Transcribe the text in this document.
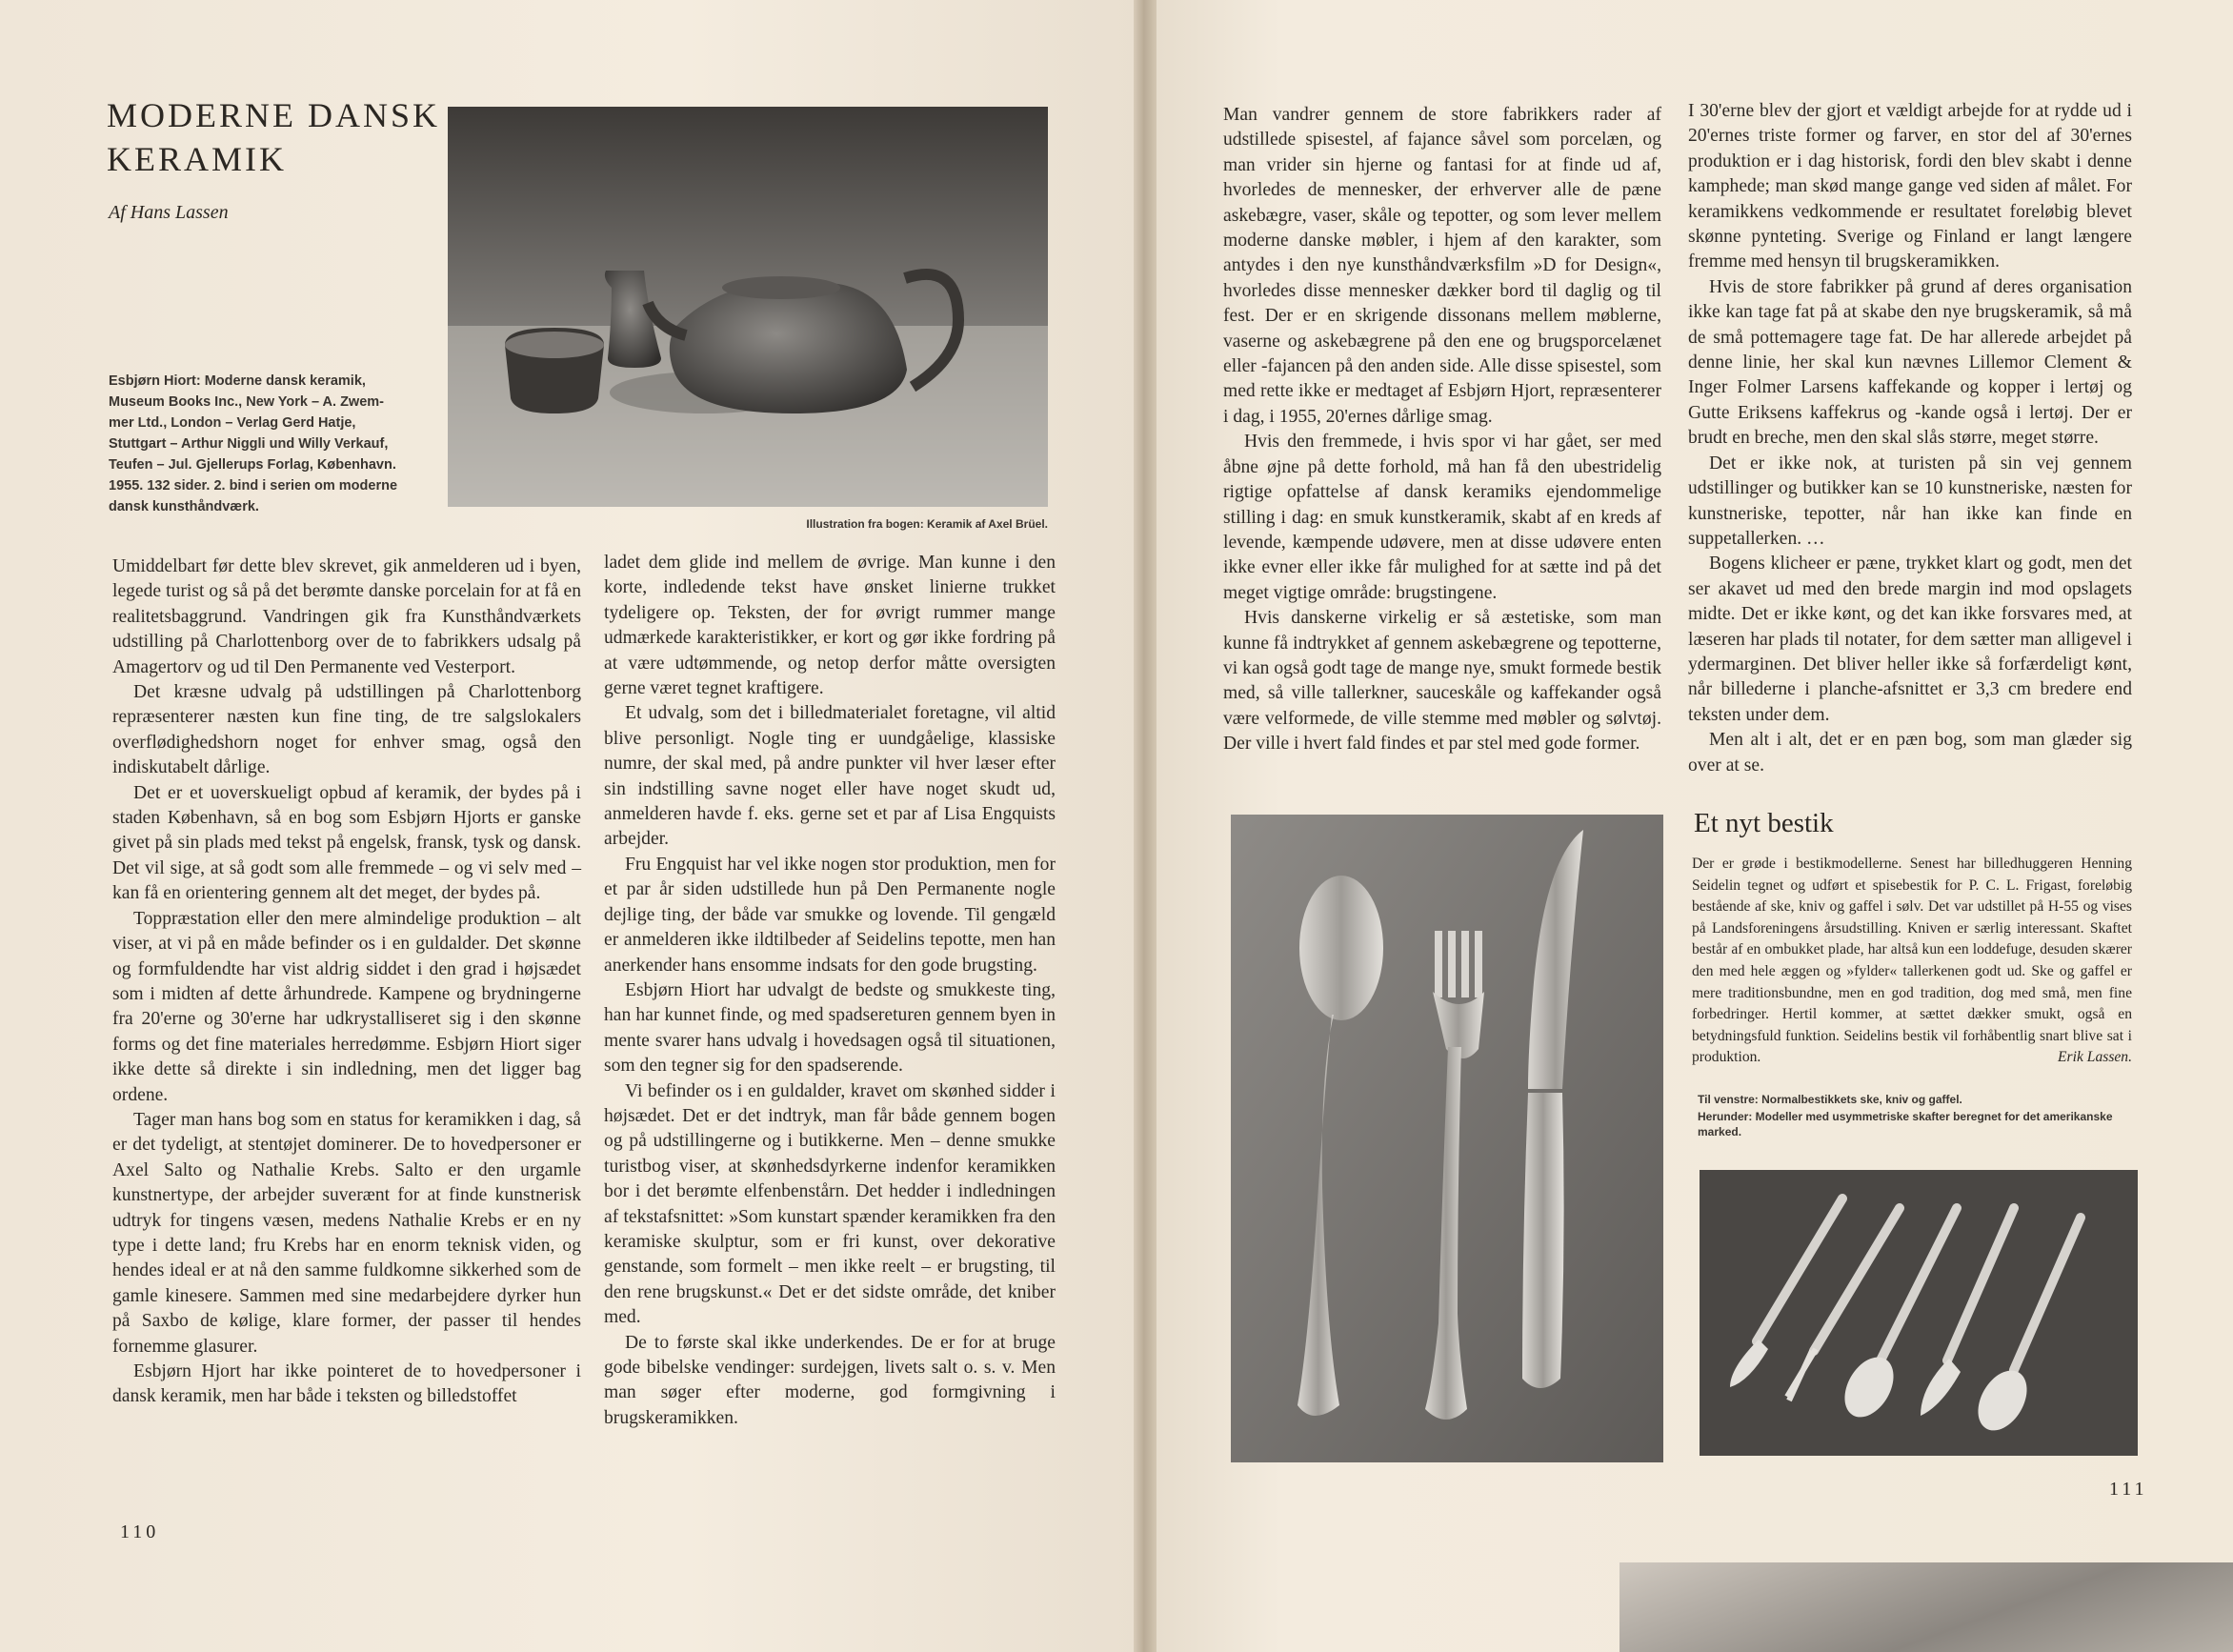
MODERNE DANSK
KERAMIK
Af Hans Lassen
Esbjørn Hiort: Moderne dansk keramik,
Museum Books Inc., New York – A. Zwem-
mer Ltd., London – Verlag Gerd Hatje,
Stuttgart – Arthur Niggli und Willy Verkauf,
Teufen – Jul. Gjellerups Forlag, København.
1955. 132 sider. 2. bind i serien om moderne
dansk kunsthåndværk.
Illustration fra bogen: Keramik af Axel Brüel.

Umiddelbart før dette blev skrevet, gik anmelderen ud i byen, legede turist og så på det berømte danske porcelain for at få en realitetsbaggrund. Vandringen gik fra Kunsthåndværkets udstilling på Charlottenborg over de to fabrikkers udsalg på Amagertorv og ud til Den Permanente ved Vesterport.

Det kræsne udvalg på udstillingen på Charlottenborg repræsenterer næsten kun fine ting, de tre salgslokalers overflødighedshorn noget for enhver smag, også den indiskutabelt dårlige.

Det er et uoverskueligt opbud af keramik, der bydes på i staden København, så en bog som Esbjørn Hjorts er ganske givet på sin plads med tekst på engelsk, fransk, tysk og dansk. Det vil sige, at så godt som alle fremmede – og vi selv med – kan få en orientering gennem alt det meget, der bydes på.

Toppræstation eller den mere almindelige produktion – alt viser, at vi på en måde befinder os i en guldalder. Det skønne og formfuldendte har vist aldrig siddet i den grad i højsædet som i midten af dette århundrede. Kampene og brydningerne fra 20'erne og 30'erne har udkrystalliseret sig i den skønne forms og det fine materiales herredømme. Esbjørn Hiort siger ikke dette så direkte i sin indledning, men det ligger bag ordene.

Tager man hans bog som en status for keramikken i dag, så er det tydeligt, at stentøjet dominerer. De to hovedpersoner er Axel Salto og Nathalie Krebs. Salto er den urgamle kunstnertype, der arbejder suverænt for at finde kunstnerisk udtryk for tingens væsen, medens Nathalie Krebs er en ny type i dette land; fru Krebs har en enorm teknisk viden, og hendes ideal er at nå den samme fuldkomne sikkerhed som de gamle kinesere. Sammen med sine medarbejdere dyrker hun på Saxbo de kølige, klare former, der passer til hendes fornemme glasurer.

Esbjørn Hjort har ikke pointeret de to hovedpersoner i dansk keramik, men har både i teksten og billedstoffet

ladet dem glide ind mellem de øvrige. Man kunne i den korte, indledende tekst have ønsket linierne trukket tydeligere op. Teksten, der for øvrigt rummer mange udmærkede karakteristikker, er kort og gør ikke fordring på at være udtømmende, og netop derfor måtte oversigten gerne været tegnet kraftigere.

Et udvalg, som det i billedmaterialet foretagne, vil altid blive personligt. Nogle ting er uundgåelige, klassiske numre, der skal med, på andre punkter vil hver læser efter sin indstilling savne noget eller have noget skudt ud, anmelderen havde f. eks. gerne set et par af Lisa Engquists arbejder.

Fru Engquist har vel ikke nogen stor produktion, men for et par år siden udstillede hun på Den Permanente nogle dejlige ting, der både var smukke og lovende. Til gengæld er anmelderen ikke ildtilbeder af Seidelins tepotte, men han anerkender hans ensomme indsats for den gode brugsting.

Esbjørn Hiort har udvalgt de bedste og smukkeste ting, han har kunnet finde, og med spadsereturen gennem byen in mente svarer hans udvalg i hovedsagen også til situationen, som den tegner sig for den spadserende.

Vi befinder os i en guldalder, kravet om skønhed sidder i højsædet. Det er det indtryk, man får både gennem bogen og på udstillingerne og i butikkerne. Men – denne smukke turistbog viser, at skønhedsdyrkerne indenfor keramikken bor i det berømte elfenbenstårn. Det hedder i indledningen af tekstafsnittet: »Som kunstart spænder keramikken fra den keramiske skulptur, som er fri kunst, over dekorative genstande, som formelt – men ikke reelt – er brugsting, til den rene brugskunst.« Det er det sidste område, det kniber med.

De to første skal ikke underkendes. De er for at bruge gode bibelske vendinger: surdejgen, livets salt o. s. v. Men man søger efter moderne, god formgivning i brugskeramikken.

110

Man vandrer gennem de store fabrikkers rader af udstillede spisestel, af fajance såvel som porcelæn, og man vrider sin hjerne og fantasi for at finde ud af, hvorledes de mennesker, der erhverver alle de pæne askebægre, vaser, skåle og tepotter, og som lever mellem moderne danske møbler, i hjem af den karakter, som antydes i den nye kunsthåndværksfilm »D for Design«, hvorledes disse mennesker dækker bord til daglig og til fest. Der er en skrigende dissonans mellem møblerne, vaserne og askebægrene på den ene og brugsporcelænet eller -fajancen på den anden side. Alle disse spisestel, som med rette ikke er medtaget af Esbjørn Hjort, repræsenterer i dag, i 1955, 20'ernes dårlige smag.

Hvis den fremmede, i hvis spor vi har gået, ser med åbne øjne på dette forhold, må han få den ubestridelig rigtige opfattelse af dansk keramiks ejendommelige stilling i dag: en smuk kunstkeramik, skabt af en kreds af levende, kæmpende udøvere, men at disse udøvere enten ikke evner eller ikke får mulighed for at sætte ind på det meget vigtige område: brugstingene.

Hvis danskerne virkelig er så æstetiske, som man kunne få indtrykket af gennem askebægrene og tepotterne, vi kan også godt tage de mange nye, smukt formede bestik med, så ville tallerkner, sauceskåle og kaffekander også være velformede, de ville stemme med møbler og sølvtøj. Der ville i hvert fald findes et par stel med gode former.

I 30'erne blev der gjort et vældigt arbejde for at rydde ud i 20'ernes triste former og farver, en stor del af 30'ernes produktion er i dag historisk, fordi den blev skabt i denne kamphede; man skød mange gange ved siden af målet. For keramikkens vedkommende er resultatet foreløbig blevet skønne pynteting. Sverige og Finland er langt længere fremme med hensyn til brugskeramikken.

Hvis de store fabrikker på grund af deres organisation ikke kan tage fat på at skabe den nye brugskeramik, så må de små pottemagere tage fat. De har allerede arbejdet på denne linie, her skal kun nævnes Lillemor Clement & Inger Folmer Larsens kaffekande og kopper i lertøj og Gutte Eriksens kaffekrus og -kande også i lertøj. Der er brudt en breche, men den skal slås større, meget større.

Det er ikke nok, at turisten på sin vej gennem udstillinger og butikker kan se 10 kunstneriske, næsten for kunstneriske, tepotter, når han ikke kan finde en suppetallerken. …

Bogens klicheer er pæne, trykket klart og godt, men det ser akavet ud med den brede margin ind mod opslagets midte. Det er ikke kønt, og det kan ikke forsvares med, at læseren har plads til notater, for dem sætter man alligevel i ydermarginen. Det bliver heller ikke så forfærdeligt kønt, når billederne i planche-afsnittet er 3,3 cm bredere end teksten under dem.

Men alt i alt, det er en pæn bog, som man glæder sig over at se.

Et nyt bestik

Der er grøde i bestikmodellerne. Senest har billedhuggeren Henning Seidelin tegnet og udført et spisebestik for P. C. L. Frigast, foreløbig bestående af ske, kniv og gaffel i sølv. Det var udstillet på H-55 og vises på Landsforeningens årsudstilling. Kniven er særlig interessant. Skaftet består af en ombukket plade, har altså kun een loddefuge, desuden skærer den med hele æggen og »fylder« tallerkenen godt ud. Ske og gaffel er mere traditionsbundne, men en god tradition, dog med små, men fine forbedringer. Hertil kommer, at sættet dækker smukt, også en betydningsfuld funktion. Seidelins bestik vil forhåbentlig snart blive sat i produktion.	Erik Lassen.

Til venstre: Normalbestikkets ske, kniv og gaffel.
Herunder: Modeller med usymmetriske skafter beregnet for det amerikanske marked.
111
